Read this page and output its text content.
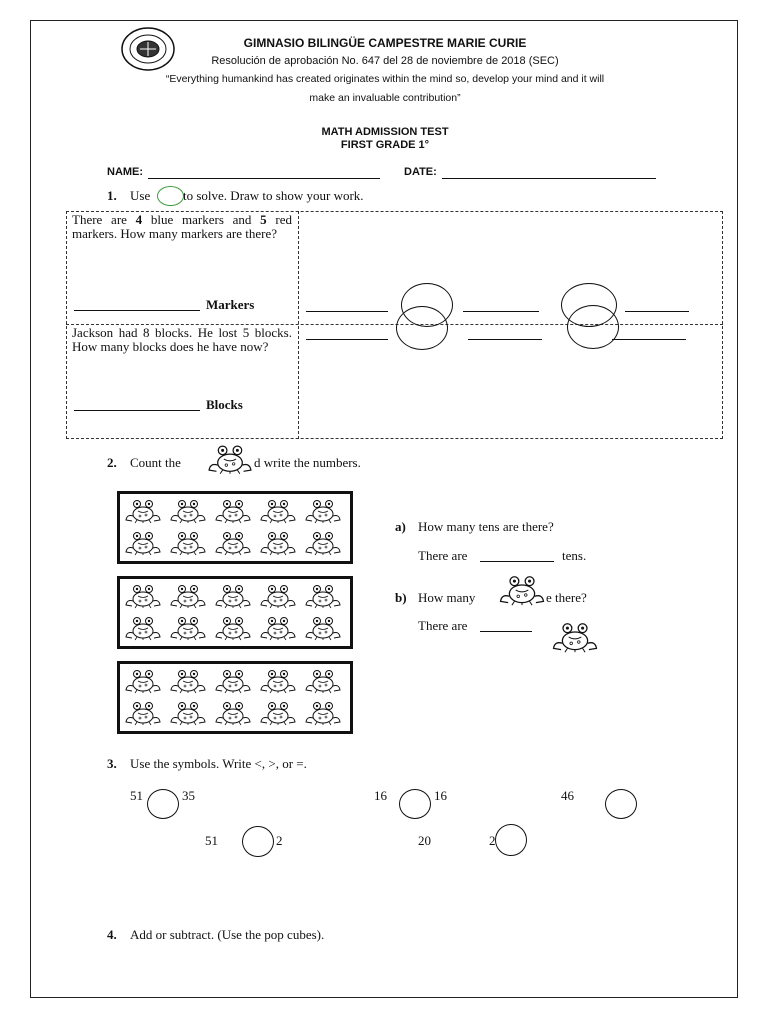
GIMNASIO BILINGÜE CAMPESTRE MARIE CURIE
Resolución de aprobación No. 647 del 28 de noviembre de 2018 (SEC)
“Everything humankind has created originates within the mind so, develop your mind and it will
make an invaluable contribution”
MATH ADMISSION TEST
FIRST GRADE 1°
NAME:	DATE:
1. Use	to solve. Draw to show your work.
There are 4 blue markers and 5 red markers. How many markers are there?
Markers
Jackson had 8 blocks. He lost 5 blocks. How many blocks does he have now?
Blocks
2. Count the	d write the numbers.
a) How many tens are there?
There are	tens.
b) How many	e there?
There are
3. Use the symbols. Write <, >, or =.
51	35	16	16	46
51	2	20	2
4. Add or subtract. (Use the pop cubes).
